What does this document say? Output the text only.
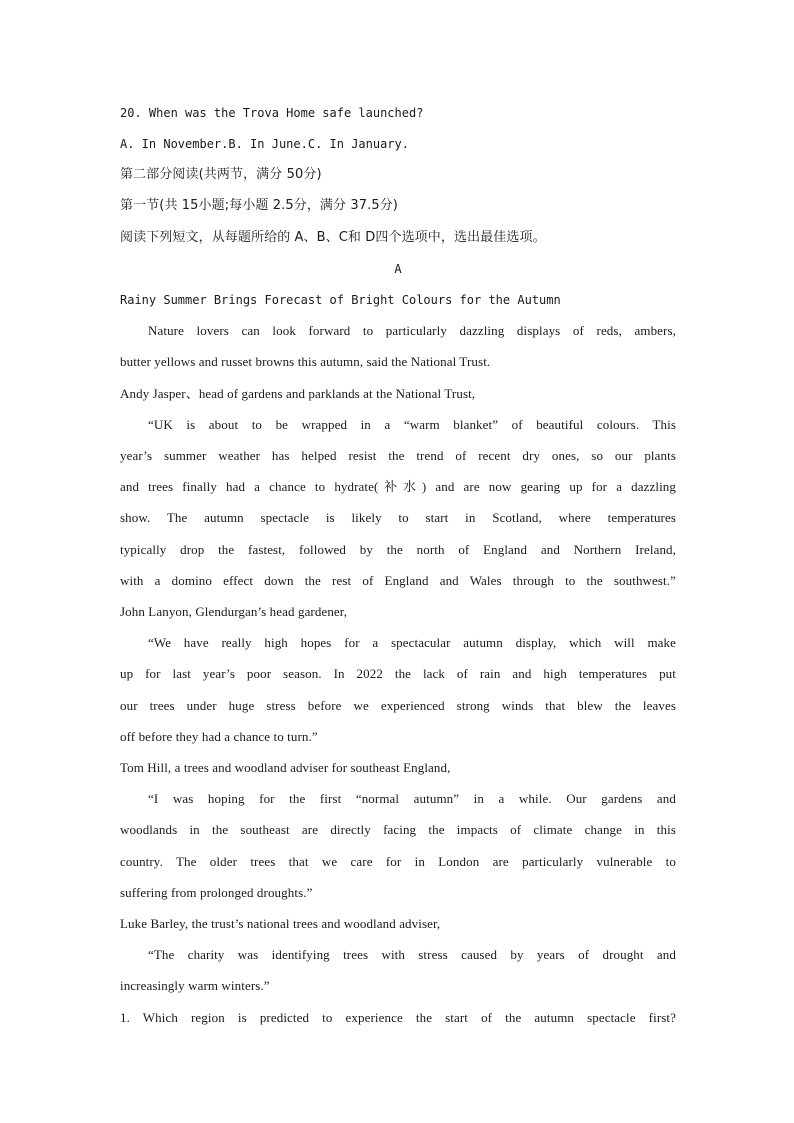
20. When was the Trova Home safe launched?
A. In November.B. In June.C. In January.
第二部分阅读(共两节，满分 50分)
第一节(共 15小题;每小题 2.5分，满分 37.5分)
阅读下列短文，从每题所给的 A、B、C和 D四个选项中，选出最佳选项。
A
Rainy Summer Brings Forecast of Bright Colours for the Autumn
Nature lovers can look forward to particularly dazzling displays of reds, ambers,
butter yellows and russet browns this autumn, said the National Trust.
Andy Jasper、head of gardens and parklands at the National Trust,
“UK is about to be wrapped in a “warm blanket” of beautiful colours. This
year’s summer weather has helped resist the trend of recent dry ones, so our plants
and trees finally had a chance to hydrate(补水) and are now gearing up for a dazzling
show. The autumn spectacle is likely to start in Scotland, where temperatures
typically drop the fastest, followed by the north of England and Northern Ireland,
with a domino effect down the rest of England and Wales through to the southwest.”
John Lanyon, Glendurgan’s head gardener,
“We have really high hopes for a spectacular autumn display, which will make
up for last year’s poor season. In 2022 the lack of rain and high temperatures put
our trees under huge stress before we experienced strong winds that blew the leaves
off before they had a chance to turn.”
Tom Hill, a trees and woodland adviser for southeast England,
“I was hoping for the first “normal autumn” in a while. Our gardens and
woodlands in the southeast are directly facing the impacts of climate change in this
country. The older trees that we care for in London are particularly vulnerable to
suffering from prolonged droughts.”
Luke Barley, the trust’s national trees and woodland adviser,
“The charity was identifying trees with stress caused by years of drought and
increasingly warm winters.”
1. Which region is predicted to experience the start of the autumn spectacle first?
